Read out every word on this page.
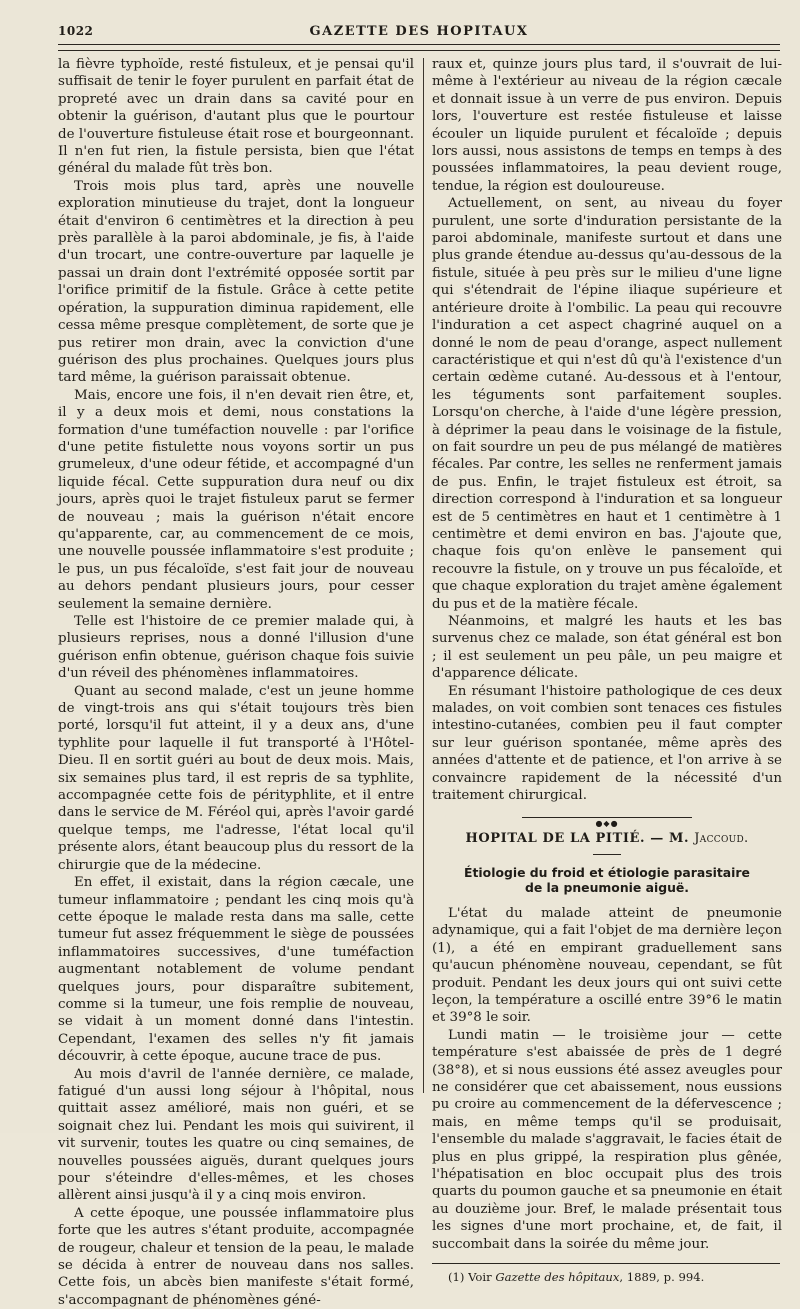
1022	GAZETTE DES HOPITAUX

la fièvre typhoïde, resté fistuleux, et je pensai qu'il suffisait de tenir le foyer purulent en parfait état de propreté avec un drain dans sa cavité pour en obtenir la guérison, d'autant plus que le pourtour de l'ouverture fistuleuse était rose et bourgeonnant. Il n'en fut rien, la fistule persista, bien que l'état général du malade fût très bon.

Trois mois plus tard, après une nouvelle exploration minutieuse du trajet, dont la longueur était d'environ 6 centimètres et la direction à peu près parallèle à la paroi abdominale, je fis, à l'aide d'un trocart, une contre-ouverture par laquelle je passai un drain dont l'extrémité opposée sortit par l'orifice primitif de la fistule. Grâce à cette petite opération, la suppuration diminua rapidement, elle cessa même presque complètement, de sorte que je pus retirer mon drain, avec la conviction d'une guérison des plus prochaines. Quelques jours plus tard même, la guérison paraissait obtenue.

Mais, encore une fois, il n'en devait rien être, et, il y a deux mois et demi, nous constations la formation d'une tuméfaction nouvelle : par l'orifice d'une petite fistulette nous voyons sortir un pus grumeleux, d'une odeur fétide, et accompagné d'un liquide fécal. Cette suppuration dura neuf ou dix jours, après quoi le trajet fistuleux parut se fermer de nouveau ; mais la guérison n'était encore qu'apparente, car, au commencement de ce mois, une nouvelle poussée inflammatoire s'est produite ; le pus, un pus fécaloïde, s'est fait jour de nouveau au dehors pendant plusieurs jours, pour cesser seulement la semaine dernière.

Telle est l'histoire de ce premier malade qui, à plusieurs reprises, nous a donné l'illusion d'une guérison enfin obtenue, guérison chaque fois suivie d'un réveil des phénomènes inflammatoires.

Quant au second malade, c'est un jeune homme de vingt-trois ans qui s'était toujours très bien porté, lorsqu'il fut atteint, il y a deux ans, d'une typhlite pour laquelle il fut transporté à l'Hôtel-Dieu. Il en sortit guéri au bout de deux mois. Mais, six semaines plus tard, il est repris de sa typhlite, accompagnée cette fois de pérityphlite, et il entre dans le service de M. Féréol qui, après l'avoir gardé quelque temps, me l'adresse, l'état local qu'il présente alors, étant beaucoup plus du ressort de la chirurgie que de la médecine.

En effet, il existait, dans la région cæcale, une tumeur inflammatoire ; pendant les cinq mois qu'à cette époque le malade resta dans ma salle, cette tumeur fut assez fréquemment le siège de poussées inflammatoires successives, d'une tuméfaction augmentant notablement de volume pendant quelques jours, pour disparaître subitement, comme si la tumeur, une fois remplie de nouveau, se vidait à un moment donné dans l'intestin. Cependant, l'examen des selles n'y fit jamais découvrir, à cette époque, aucune trace de pus.

Au mois d'avril de l'année dernière, ce malade, fatigué d'un aussi long séjour à l'hôpital, nous quittait assez amélioré, mais non guéri, et se soignait chez lui. Pendant les mois qui suivirent, il vit survenir, toutes les quatre ou cinq semaines, de nouvelles poussées aiguës, durant quelques jours pour s'éteindre d'elles-mêmes, et les choses allèrent ainsi jusqu'à il y a cinq mois environ.

A cette époque, une poussée inflammatoire plus forte que les autres s'étant produite, accompagnée de rougeur, chaleur et tension de la peau, le malade se décida à entrer de nouveau dans nos salles. Cette fois, un abcès bien manifeste s'était formé, s'accompagnant de phénomènes géné-

raux et, quinze jours plus tard, il s'ouvrait de lui-même à l'extérieur au niveau de la région cæcale et donnait issue à un verre de pus environ. Depuis lors, l'ouverture est restée fistuleuse et laisse écouler un liquide purulent et fécaloïde ; depuis lors aussi, nous assistons de temps en temps à des poussées inflammatoires, la peau devient rouge, tendue, la région est douloureuse.

Actuellement, on sent, au niveau du foyer purulent, une sorte d'induration persistante de la paroi abdominale, manifeste surtout et dans une plus grande étendue au-dessus qu'au-dessous de la fistule, située à peu près sur le milieu d'une ligne qui s'étendrait de l'épine iliaque supérieure et antérieure droite à l'ombilic. La peau qui recouvre l'induration a cet aspect chagriné auquel on a donné le nom de peau d'orange, aspect nullement caractéristique et qui n'est dû qu'à l'existence d'un certain œdème cutané. Au-dessous et à l'entour, les téguments sont parfaitement souples. Lorsqu'on cherche, à l'aide d'une légère pression, à déprimer la peau dans le voisinage de la fistule, on fait sourdre un peu de pus mélangé de matières fécales. Par contre, les selles ne renferment jamais de pus. Enfin, le trajet fistuleux est étroit, sa direction correspond à l'induration et sa longueur est de 5 centimètres en haut et 1 centimètre à 1 centimètre et demi environ en bas. J'ajoute que, chaque fois qu'on enlève le pansement qui recouvre la fistule, on y trouve un pus fécaloïde, et que chaque exploration du trajet amène également du pus et de la matière fécale.

Néanmoins, et malgré les hauts et les bas survenus chez ce malade, son état général est bon ; il est seulement un peu pâle, un peu maigre et d'apparence délicate.

En résumant l'histoire pathologique de ces deux malades, on voit combien sont tenaces ces fistules intestino-cutanées, combien peu il faut compter sur leur guérison spontanée, même après des années d'attente et de patience, et l'on arrive à se convaincre rapidement de la nécessité d'un traitement chirurgical.

●◆●
HOPITAL DE LA PITIÉ. — M. Jaccoud.
Étiologie du froid et étiologie parasitaire
de la pneumonie aiguë.

L'état du malade atteint de pneumonie adynamique, qui a fait l'objet de ma dernière leçon (1), a été en empirant graduellement sans qu'aucun phénomène nouveau, cependant, se fût produit. Pendant les deux jours qui ont suivi cette leçon, la température a oscillé entre 39°6 le matin et 39°8 le soir.

Lundi matin — le troisième jour — cette température s'est abaissée de près de 1 degré (38°8), et si nous eussions été assez aveugles pour ne considérer que cet abaissement, nous eussions pu croire au commencement de la défervescence ; mais, en même temps qu'il se produisait, l'ensemble du malade s'aggravait, le facies était de plus en plus grippé, la respiration plus gênée, l'hépatisation en bloc occupait plus des trois quarts du poumon gauche et sa pneumonie en était au douzième jour. Bref, le malade présentait tous les signes d'une mort prochaine, et, de fait, il succombait dans la soirée du même jour.

(1) Voir Gazette des hôpitaux, 1889, p. 994.
